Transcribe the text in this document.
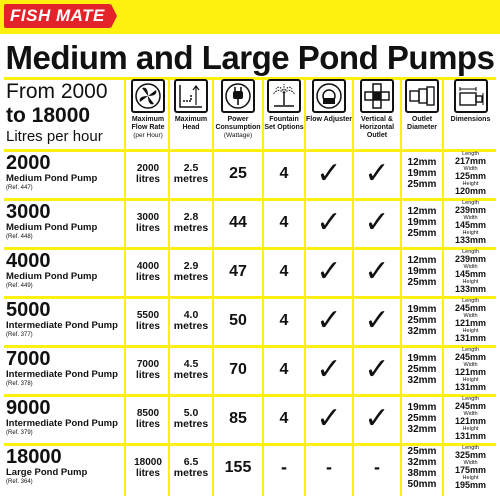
FISH MATE
Medium and Large Pond Pumps
From 2000
to 18000
Litres per hour
Maximum Flow Rate
(per Hour)
Maximum Head
Power Consumption
(Wattage)
Fountain Set Options
Flow Adjuster	Vertical & Horizontal Outlet
Outlet Diameter
Dimensions
2000
Medium Pond Pump
(Ref. 447)
2000
litres
2.5
metres 25 4 ✓ ✓ 12mm
19mm
25mm
Length
217mm
Width
125mm
Height
120mm
3000
Medium Pond Pump
(Ref. 448)
3000
litres
2.8
metres 44 4 ✓ ✓ 12mm
19mm
25mm
Length
239mm
Width
145mm
Height
133mm
4000
Medium Pond Pump
(Ref. 449)
4000
litres
2.9
metres 47 4 ✓ ✓ 12mm
19mm
25mm
Length
239mm
Width
145mm
Height
133mm
5000
Intermediate Pond Pump
(Ref. 377)
5500
litres
4.0
metres 50 4 ✓ ✓ 19mm
25mm
32mm
Length
245mm
Width
121mm
Height
131mm
7000
Intermediate Pond Pump
(Ref. 378)
7000
litres
4.5
metres 70 4 ✓ ✓ 19mm
25mm
32mm
Length
245mm
Width
121mm
Height
131mm
9000
Intermediate Pond Pump
(Ref. 379)
8500
litres
5.0
metres 85 4 ✓ ✓ 19mm
25mm
32mm
Length
245mm
Width
121mm
Height
131mm
18000
Large Pond Pump
(Ref. 364)
18000
litres
6.5
metres 155 - - -
25mm
32mm
38mm
50mm
Length
325mm
Width
175mm
Height
195mm
